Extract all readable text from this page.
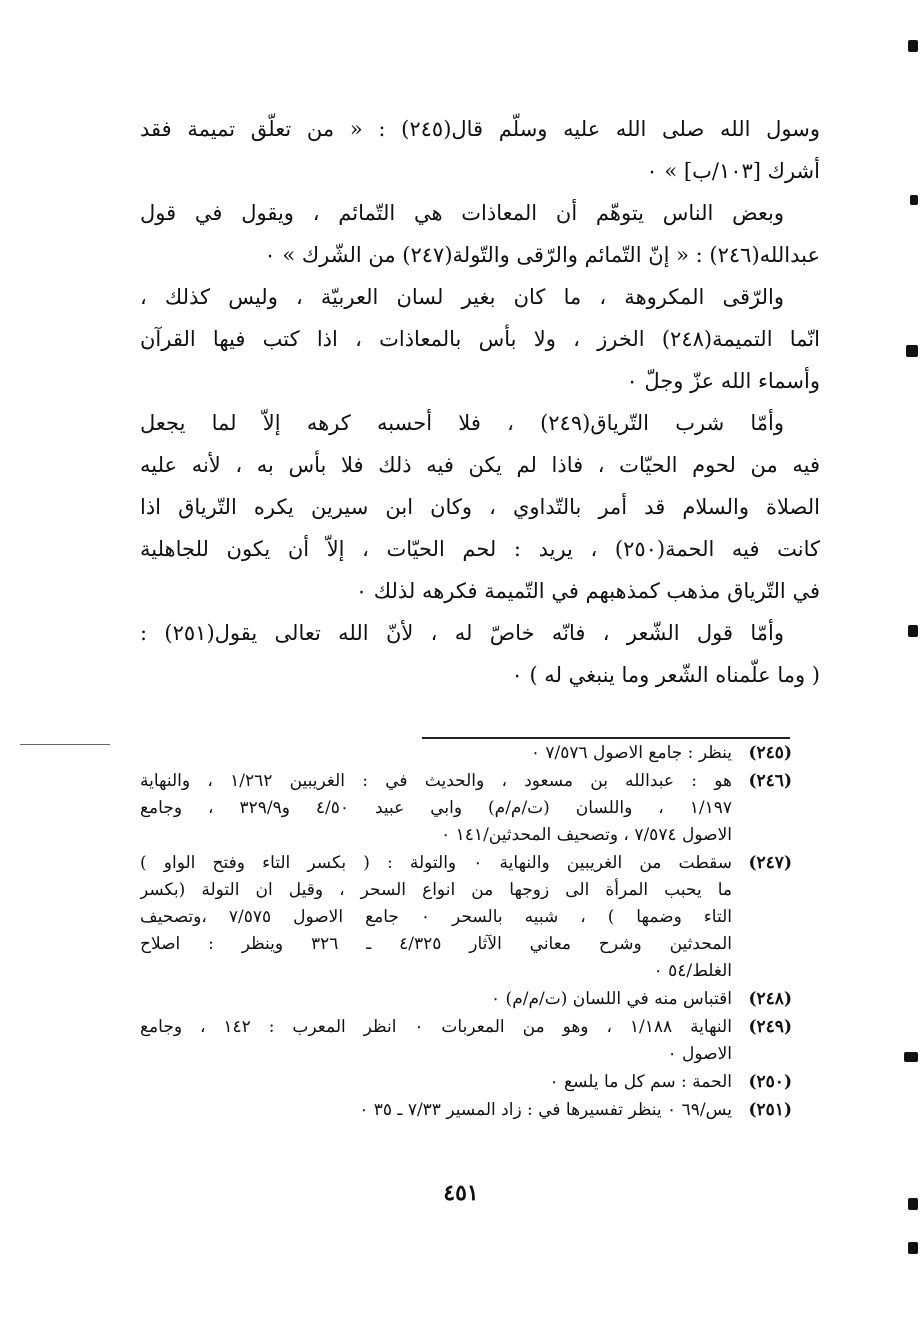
وسول الله صلى الله عليه وسلّم قال(٢٤٥) : « من تعلّق تميمة فقد
أشرك [١٠٣/ب] » ٠
وبعض الناس يتوهّم أن المعاذات هي التّمائم ، ويقول في قول
عبدالله(٢٤٦) : « إنّ التّمائم والرّقى والتّولة(٢٤٧) من الشّرك » ٠
والرّقى المكروهة ، ما كان بغير لسان العربيّة ، وليس كذلك ،
انّما التميمة(٢٤٨) الخرز ، ولا بأس بالمعاذات ، اذا كتب فيها القرآن
وأسماء الله عزّ وجلّ ٠
وأمّا شرب التّرياق(٢٤٩) ، فلا أحسبه كرهه إلاّ لما يجعل
فيه من لحوم الحيّات ، فاذا لم يكن فيه ذلك فلا بأس به ، لأنه عليه
الصلاة والسلام قد أمر بالتّداوي ، وكان ابن سيرين يكره التّرياق اذا
كانت فيه الحمة(٢٥٠) ، يريد : لحم الحيّات ، إلاّ أن يكون للجاهلية
في التّرياق مذهب كمذهبهم في التّميمة فكرهه لذلك ٠
وأمّا قول الشّعر ، فانّه خاصّ له ، لأنّ الله تعالى يقول(٢٥١) :
( وما علّمناه الشّعر وما ينبغي له ) ٠
(٢٤٥)
ينظر : جامع الاصول ٧/٥٧٦ ٠
(٢٤٦)
هو : عبدالله بن مسعود ، والحديث في : الغريبين ١/٢٦٢ ، والنهاية
١/١٩٧ ، واللسان (ت/م/م) وابي عبيد ٤/٥٠ و٣٢٩/٩ ، وجامع
الاصول ٧/٥٧٤ ، وتصحيف المحدثين/١٤١ ٠
(٢٤٧)
سقطت من الغريبين والنهاية ٠ والتولة : ( بكسر التاء وفتح الواو )
ما يحبب المرأة الى زوجها من انواع السحر ، وقيل ان التولة (بكسر
التاء وضمها ) ، شبيه بالسحر ٠ جامع الاصول ٧/٥٧٥ ،وتصحيف
المحدثين وشرح معاني الآثار ٤/٣٢٥ ـ ٣٢٦ وينظر : اصلاح
الغلط/٥٤ ٠
(٢٤٨)
اقتباس منه في اللسان (ت/م/م) ٠
(٢٤٩)
النهاية ١/١٨٨ ، وهو من المعربات ٠ انظر المعرب : ١٤٢ ، وجامع
الاصول ٠
(٢٥٠)
الحمة : سم كل ما يلسع ٠
(٢٥١)
يس/٦٩ ٠ ينظر تفسيرها في : زاد المسير ٧/٣٣ ـ ٣٥ ٠
٤٥١
